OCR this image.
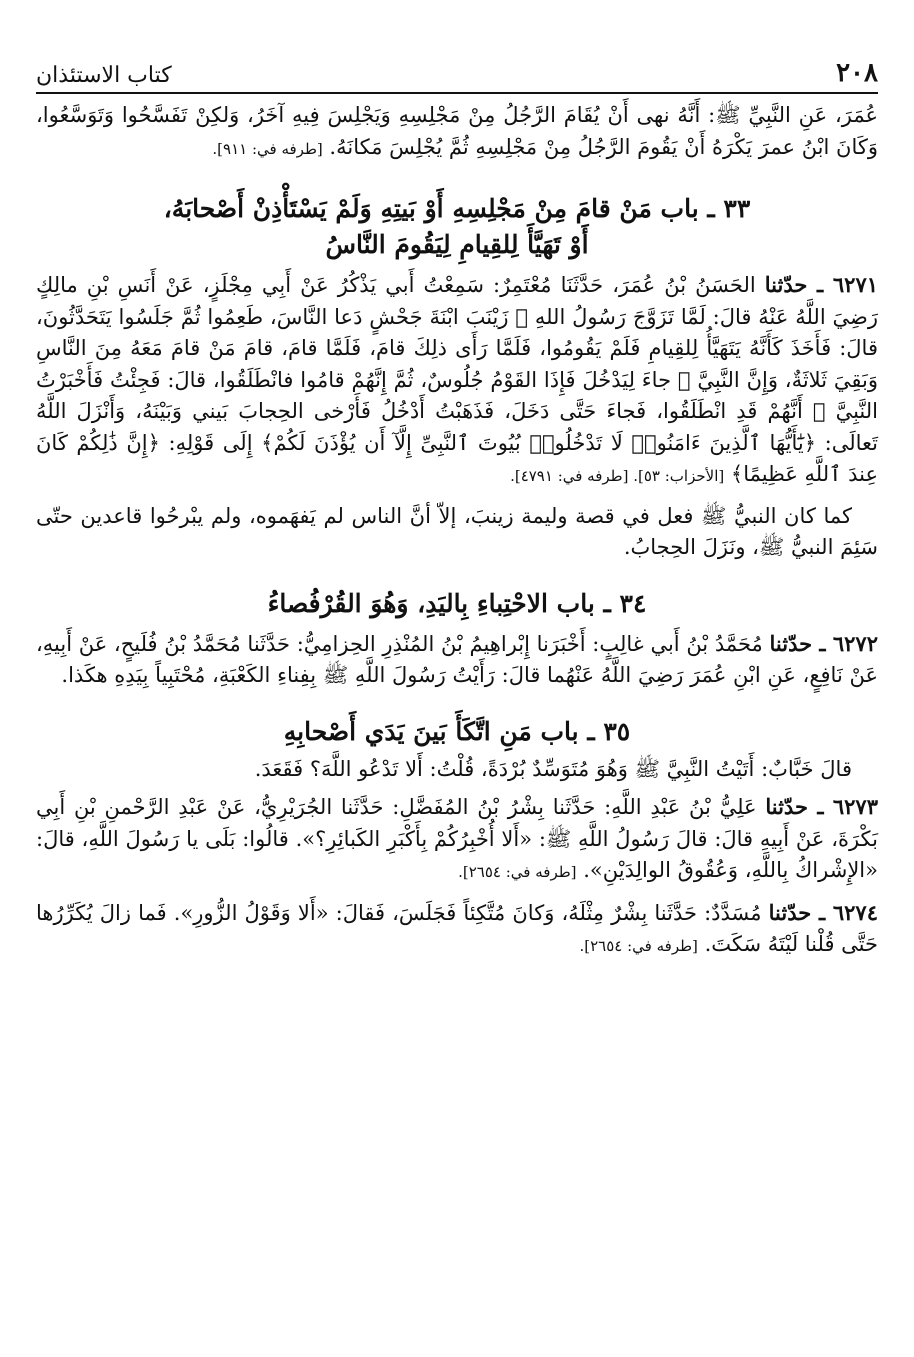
٢٠٨
كتاب الاستئذان

عُمَرَ، عَنِ النَّبِيِّ ﷺ: أَنَّهُ نهى أَنْ يُقَامَ الرَّجُلُ مِنْ مَجْلِسِهِ وَيَجْلِسَ فِيهِ آخَرُ، وَلكِنْ تَفَسَّحُوا وَتَوَسَّعُوا، وَكَانَ ابْنُ عمرَ يَكْرَهُ أَنْ يَقُومَ الرَّجُلُ مِنْ مَجْلِسِهِ ثُمَّ يُجْلِسَ مَكانَهُ. [طرفه في: ٩١١].

٣٣ ـ باب مَنْ قامَ مِنْ مَجْلِسِهِ أَوْ بَيتِهِ وَلَمْ يَسْتَأْذِنْ أَصْحابَهُ،

أَوْ تَهَيَّأَ لِلقِيامِ لِيَقُومَ النَّاسُ

٦٢٧١ ـ حدّثنا الحَسَنُ بْنُ عُمَرَ، حَدَّثَنَا مُعْتَمِرٌ: سَمِعْتُ أَبي يَذْكُرُ عَنْ أَبِي مِجْلَزٍ، عَنْ أَنَسِ بْنِ مالِكٍ رَضِيَ اللَّهُ عَنْهُ قالَ: لَمَّا تَزَوَّجَ رَسُولُ اللهِ ﷺ زَيْنَبَ ابْنَةَ جَحْشٍ دَعا النَّاسَ، طَعِمُوا ثُمَّ جَلَسُوا يَتَحَدَّثُونَ، قالَ: فَأَخَذَ كَأَنَّهُ يَتَهَيَّأُ لِلقِيامِ فَلَمْ يَقُومُوا، فَلَمَّا رَأَى ذلِكَ قامَ، فَلَمَّا قامَ، قامَ مَنْ قامَ مَعَهُ مِنَ النَّاسِ وَبَقِيَ ثَلاثَةٌ، وَإِنَّ النَّبِيَّ ﷺ جاءَ لِيَدْخُلَ فَإِذَا القَوْمُ جُلُوسٌ، ثُمَّ إِنَّهُمْ قامُوا فانْطَلَقُوا، قالَ: فَجِئْتُ فَأَخْبَرْتُ النَّبِيَّ ﷺ أَنَّهُمْ قَدِ انْطَلَقُوا، فَجاءَ حَتَّى دَخَلَ، فَذَهَبْتُ أَدْخُلُ فَأَرْخى الحِجابَ بَيني وَبَيْنَهُ، وَأَنْزَلَ اللَّهُ تَعالَى: ﴿يَٰٓأَيُّهَا ٱلَّذِينَ ءَامَنُوا۟ لَا تَدْخُلُوا۟ بُيُوتَ ٱلنَّبِىِّ إِلَّآ أَن يُؤْذَنَ لَكُمْ﴾ إِلَى قَوْلِهِ: ﴿إِنَّ ذَٰلِكُمْ كَانَ عِندَ ٱللَّهِ عَظِيمًا﴾ [الأحزاب: ٥٣]. [طرفه في: ٤٧٩١].

كما كان النبيُّ ﷺ فعل في قصة وليمة زينبَ، إلاّ أنَّ الناس لم يَفهَموه، ولم يبْرحُوا قاعدين حتّى سَئِمَ النبيُّ ﷺ، ونَزَلَ الحِجابُ.

٣٤ ـ باب الاحْتِباءِ بِاليَدِ، وَهُوَ القُرْفُصاءُ

٦٢٧٢ ـ حدّثنا مُحَمَّدُ بْنُ أَبي غالِبٍ: أَخْبَرَنا إِبْراهِيمُ بْنُ المُنْذِرِ الحِزامِيُّ: حَدَّثَنا مُحَمَّدُ بْنُ فُلَيحٍ، عَنْ أَبِيهِ، عَنْ نَافِعٍ، عَنِ ابْنِ عُمَرَ رَضِيَ اللَّهُ عَنْهُما قالَ: رَأَيْتُ رَسُولَ اللَّهِ ﷺ بِفِناءِ الكَعْبَةِ، مُحْتَبِياً بِيَدِهِ هكَذا.

٣٥ ـ باب مَنِ اتَّكَأَ بَينَ يَدَي أَصْحابِهِ

قالَ خَبَّابٌ: أَتَيْتُ النَّبِيَّ ﷺ وَهُوَ مُتَوَسِّدٌ بُرْدَةً، قُلْتُ: أَلا تَدْعُو اللَّهَ؟ فَقَعَدَ.

٦٢٧٣ ـ حدّثنا عَلِيُّ بْنُ عَبْدِ اللَّهِ: حَدَّثَنا بِشْرُ بْنُ المُفَضَّلِ: حَدَّثَنا الجُرَيْرِيُّ، عَنْ عَبْدِ الرَّحْمنِ بْنِ أَبِي بَكْرَةَ، عَنْ أَبِيهِ قالَ: قالَ رَسُولُ اللَّهِ ﷺ: «أَلا أُخْبِرُكُمْ بِأَكْبَرِ الكَبائِرِ؟». قالُوا: بَلَى يا رَسُولَ اللَّهِ، قالَ: «الإِشْراكُ بِاللَّهِ، وَعُقُوقُ الوالِدَيْنِ». [طرفه في: ٢٦٥٤].

٦٢٧٤ ـ حدّثنا مُسَدَّدٌ: حَدَّثَنا بِشْرٌ مِثْلَهُ، وَكانَ مُتَّكِئاً فَجَلَسَ، فَقالَ: «أَلا وَقَوْلُ الزُّورِ». فَما زالَ يُكَرِّرُها حَتَّى قُلْنا لَيْتَهُ سَكَتَ. [طرفه في: ٢٦٥٤].
